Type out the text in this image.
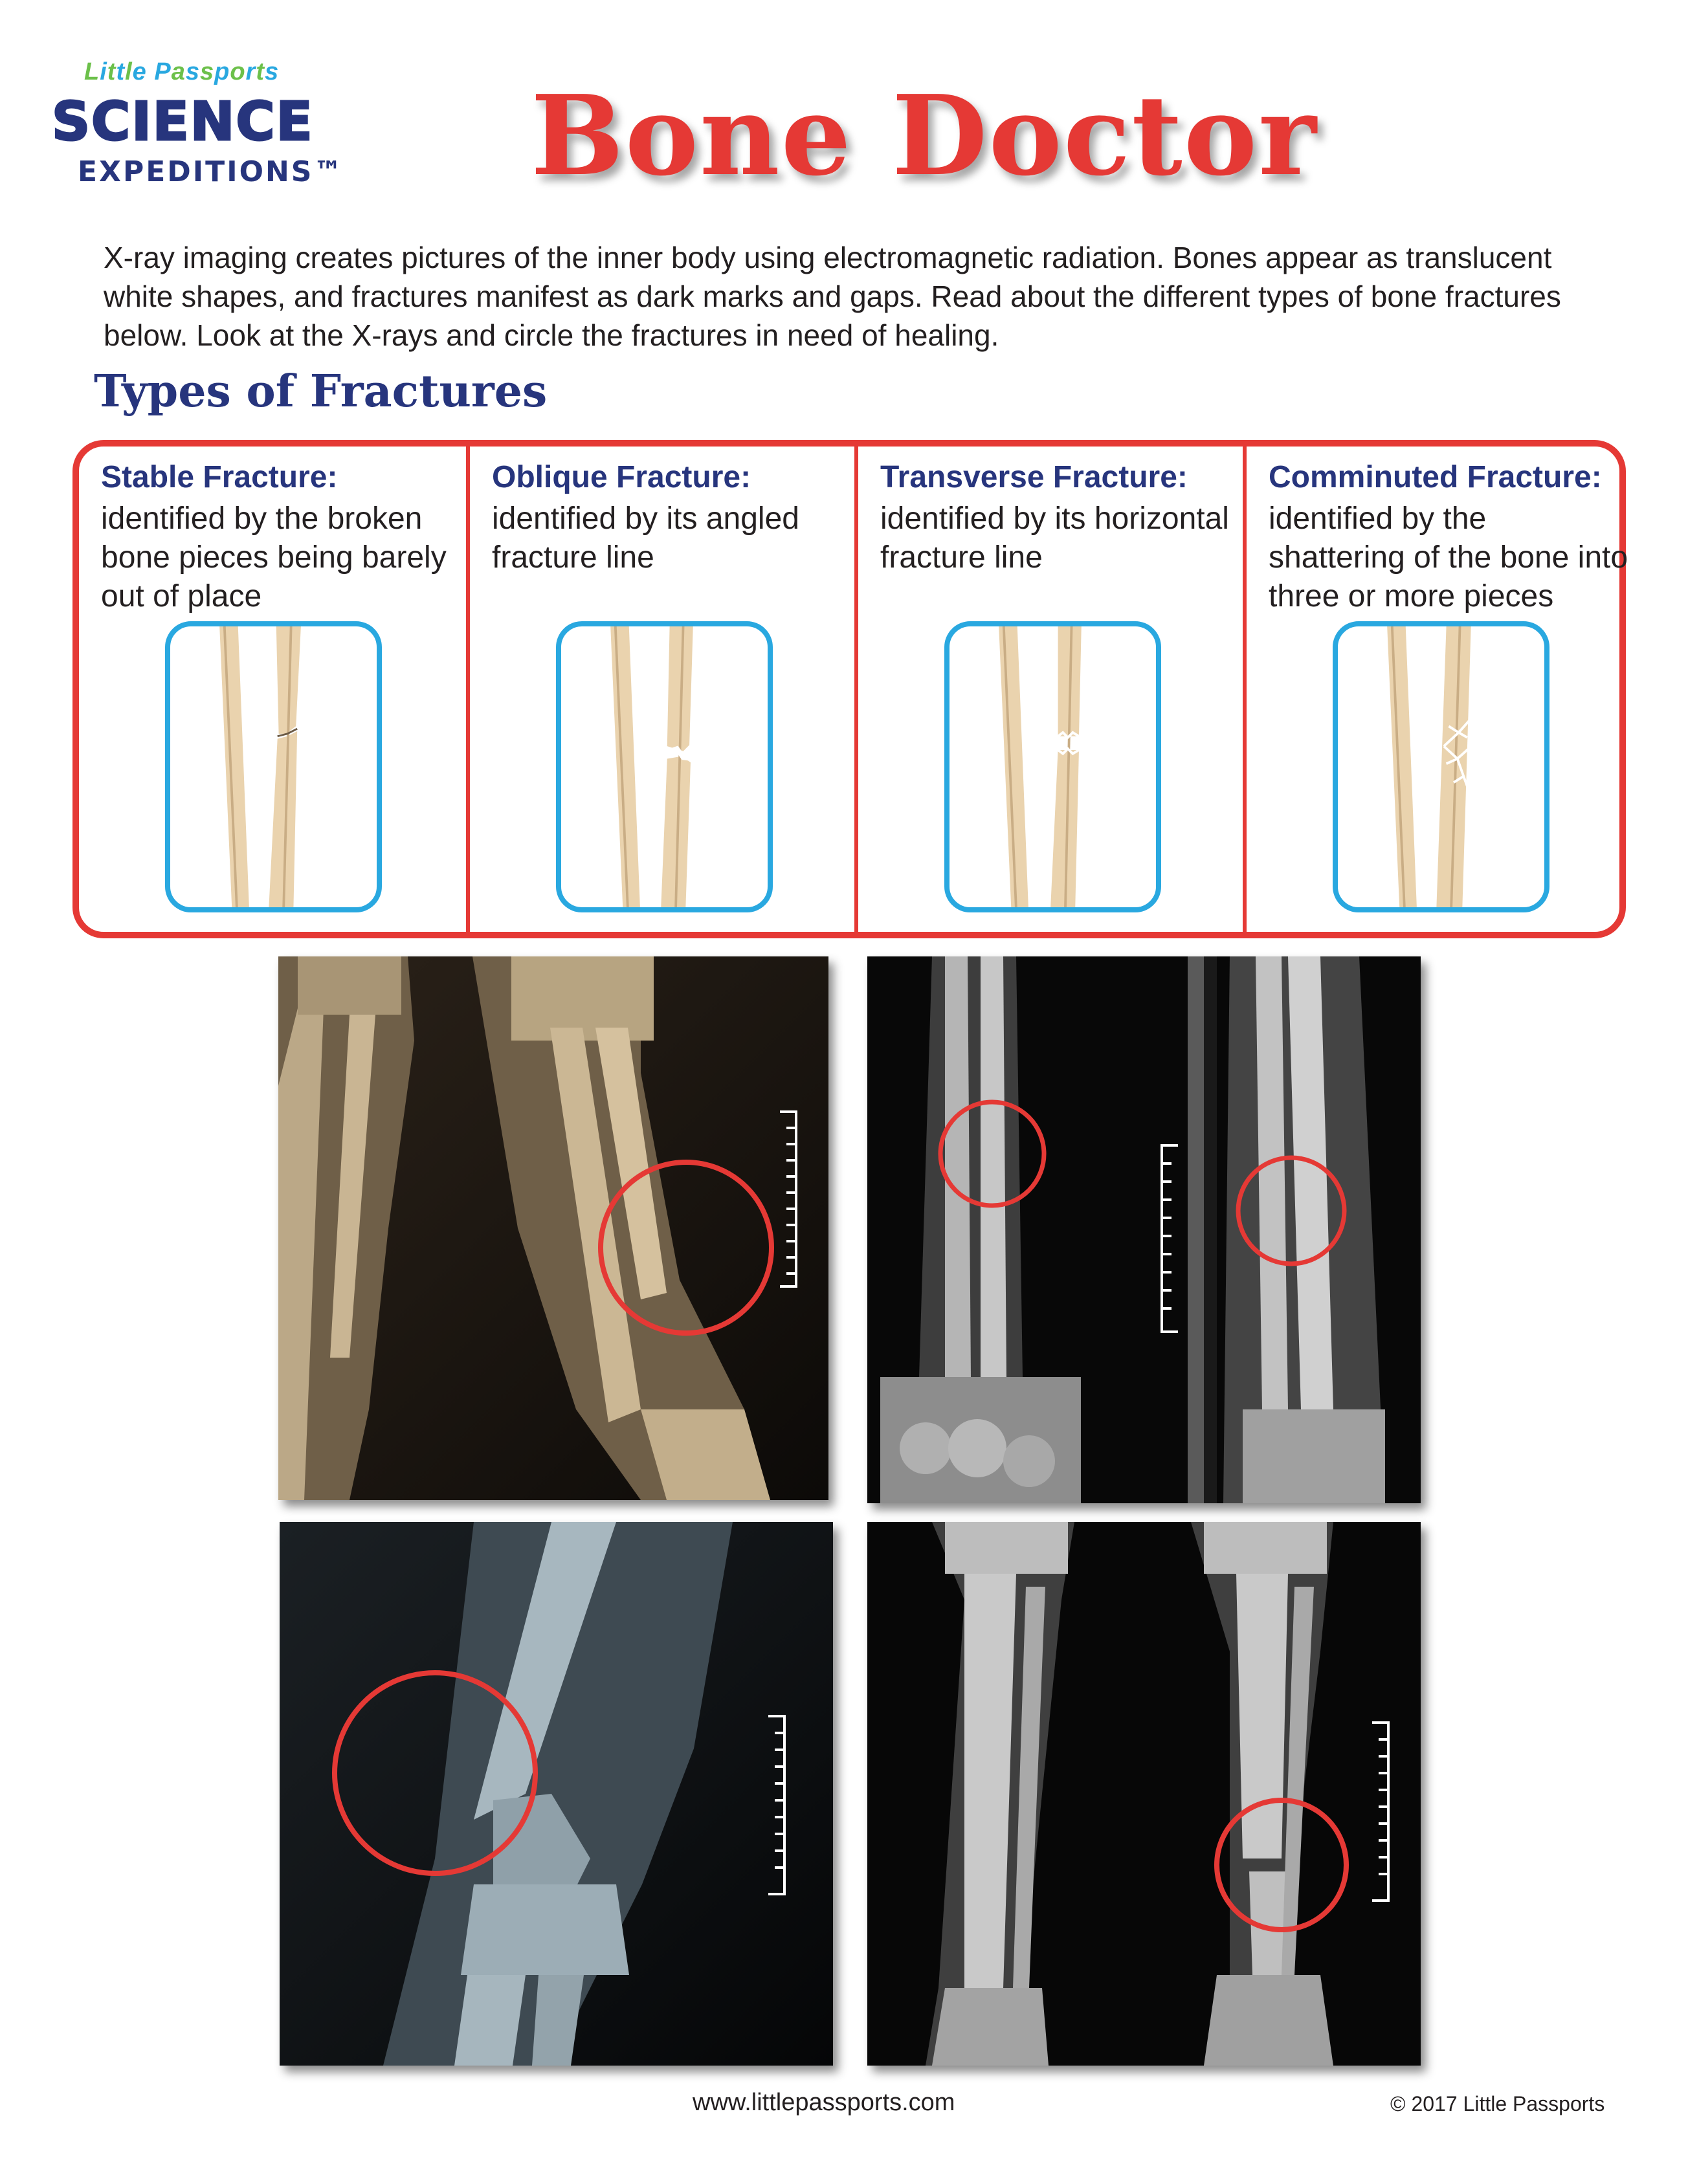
Little Passports
SCIENCE
EXPEDITIONS™ Bone Doctor
X-ray imaging creates pictures of the inner body using electromagnetic radiation. Bones appear as translucent white shapes, and fractures manifest as dark marks and gaps. Read about the different types of bone fractures below. Look at the X-rays and circle the fractures in need of healing.
Types of Fractures
Stable Fracture:
identified by the broken bone pieces being barely out of place
Oblique Fracture:
identified by its angled fracture line
Transverse Fracture:
identified by its horizontal fracture line
Comminuted Fracture:
identified by the shattering of the bone into three or more pieces
www.littlepassports.com	© 2017 Little Passports
